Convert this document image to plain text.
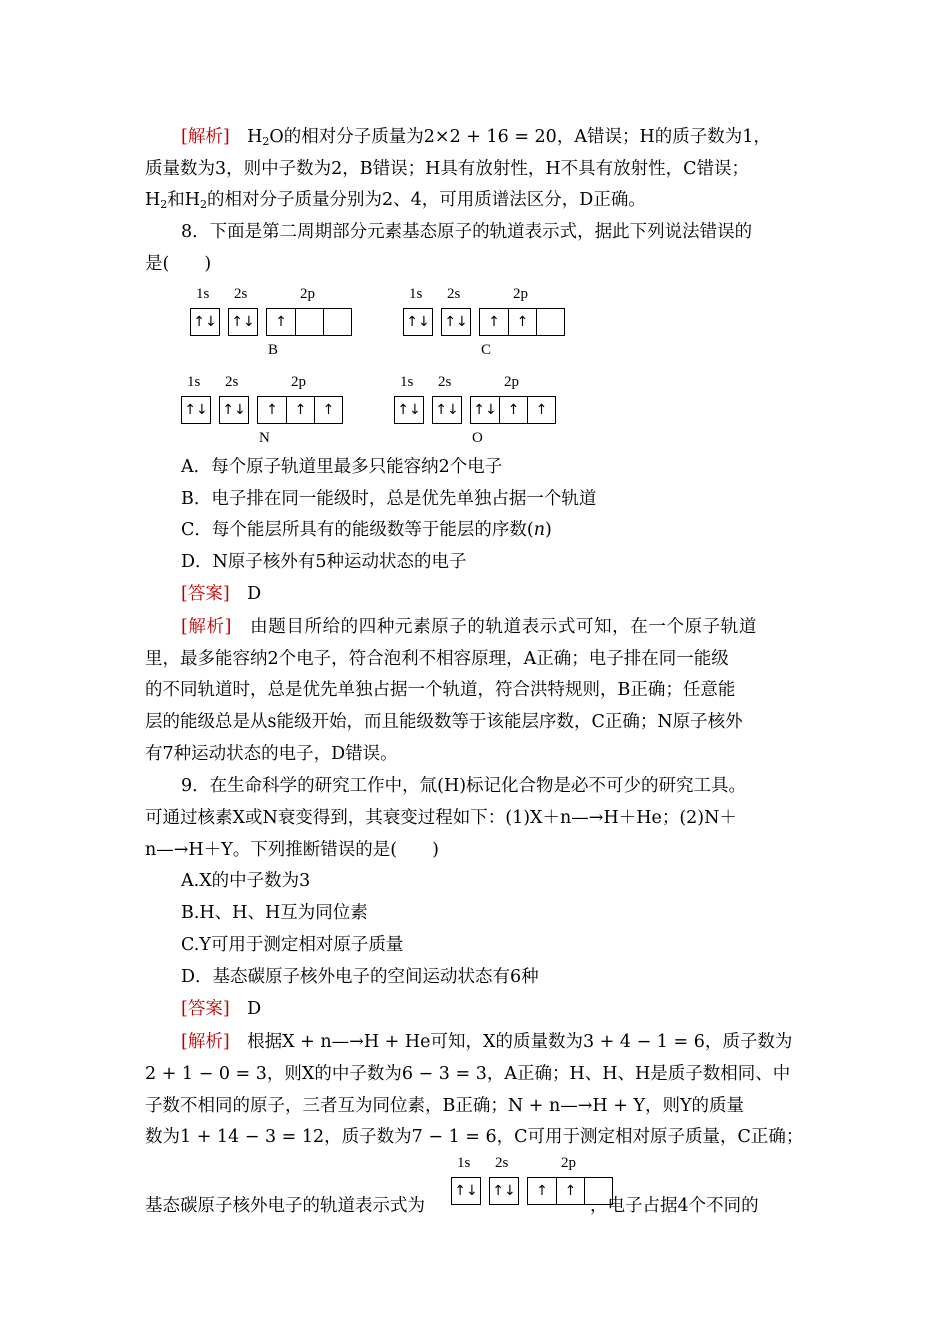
[解析]　 $H_2O$的相对分子质量为2×2 + 16 = 20，A错误；H的质子数为1，
质量数为3，则中子数为2，B错误；H具有放射性，H不具有放射性，C错误；
$H_2$和$H_2$的相对分子质量分别为2、4，可用质谱法区分，D正确。
8．下面是第二周期部分元素基态原子的轨道表示式，据此下列说法错误的
是(　　)
1s 2s	2p
↑↓ ↑↓	↑
B
1s 2s	2p
↑↓ ↑↓	↑	↑
C
1s 2s	2p
↑↓ ↑↓	↑	↑	↑
N
1s 2s	2p
↑↓ ↑↓ ↑↓ ↑	↑
O
1s 2s	2p
↑↓ ↑↓	↑	↑
A．每个原子轨道里最多只能容纳2个电子
B．电子排在同一能级时，总是优先单独占据一个轨道
C．每个能层所具有的能级数等于能层的序数(n)
D．N原子核外有5种运动状态的电子
[答案]　 D
[解析]　 由题目所给的四种元素原子的轨道表示式可知，在一个原子轨道
里，最多能容纳2个电子，符合泡利不相容原理，A正确；电子排在同一能级
的不同轨道时，总是优先单独占据一个轨道，符合洪特规则，B正确；任意能
层的能级总是从s能级开始，而且能级数等于该能层序数，C正确；N原子核外
有7种运动状态的电子，D错误。
9．在生命科学的研究工作中，氚(H)标记化合物是必不可少的研究工具。
可通过核素X或N衰变得到，其衰变过程如下：(1)X＋n—→H＋He；(2)N＋
n—→H＋Y。下列推断错误的是(　　)
A.X的中子数为3
B.H、H、H互为同位素
C.Y可用于测定相对原子质量
D．基态碳原子核外电子的空间运动状态有6种
[答案]　 D
[解析]　 根据X + n—→H + He可知，X的质量数为3 + 4 − 1 = 6，质子数为
2 + 1 − 0 = 3，则X的中子数为6 − 3 = 3，A正确；H、H、H是质子数相同、中
子数不相同的原子，三者互为同位素，B正确；N + n—→H + Y，则Y的质量
数为1 + 14 − 3 = 12，质子数为7 − 1 = 6，C可用于测定相对原子质量，C正确；
基态碳原子核外电子的轨道表示式为	，电子占据4个不同的
